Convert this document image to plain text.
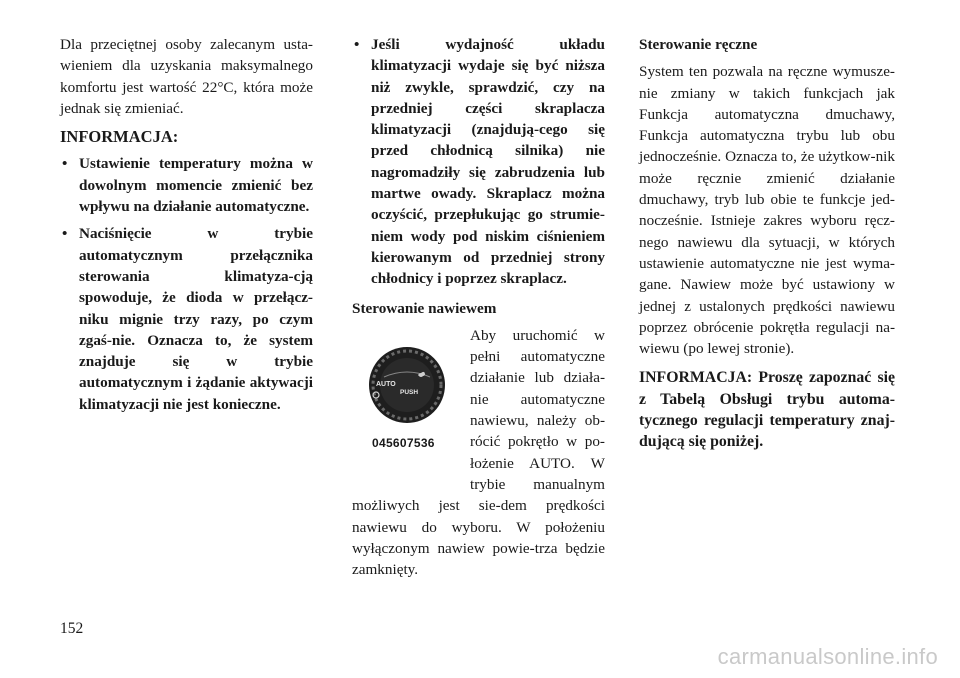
Dla przeciętnej osoby zalecanym usta-wieniem dla uzyskania maksymalnego komfortu jest wartość 22°C, która może jednak się zmieniać.

INFORMACJA:

• Ustawienie temperatury można w dowolnym momencie zmienić bez wpływu na działanie automatyczne.
• Naciśnięcie w trybie automatycznym przełącznika sterowania klimatyza-cją spowoduje, że dioda w przełącz-niku mignie trzy razy, po czym zgaś-nie. Oznacza to, że system znajduje się w trybie automatycznym i żądanie aktywacji klimatyzacji nie jest konieczne.
• Jeśli wydajność układu klimatyzacji wydaje się być niższa niż zwykle, sprawdzić, czy na przedniej części skraplacza klimatyzacji (znajdują-cego się przed chłodnicą silnika) nie nagromadziły się zabrudzenia lub martwe owady. Skraplacz można oczyścić, przepłukując go strumie-niem wody pod niskim ciśnieniem kierowanym od przedniej strony chłodnicy i poprzez skraplacz.

Sterowanie nawiewem

AUTO
PUSH
045607536

Aby uruchomić w pełni automatyczne działanie lub działa-nie automatyczne nawiewu, należy ob-rócić pokrętło w po-łożenie AUTO. W trybie manualnym możliwych jest sie-dem prędkości nawiewu do wyboru. W położeniu wyłączonym nawiew powie-trza będzie zamknięty.

Sterowanie ręczne

System ten pozwala na ręczne wymusze-nie zmiany w takich funkcjach jak Funkcja automatyczna dmuchawy, Funkcja automatyczna trybu lub obu jednocześnie. Oznacza to, że użytkow-nik może ręcznie zmienić działanie dmuchawy, tryb lub obie te funkcje jed-nocześnie. Istnieje zakres wyboru ręcz-nego nawiewu dla sytuacji, w których ustawienie automatyczne nie jest wyma-gane. Nawiew może być ustawiony w jednej z ustalonych prędkości nawiewu poprzez obrócenie pokrętła regulacji na-wiewu (po lewej stronie).

INFORMACJA: Proszę zapoznać się z Tabelą Obsługi trybu automa-tycznego regulacji temperatury znaj-dującą się poniżej.

152
carmanualsonline.info
